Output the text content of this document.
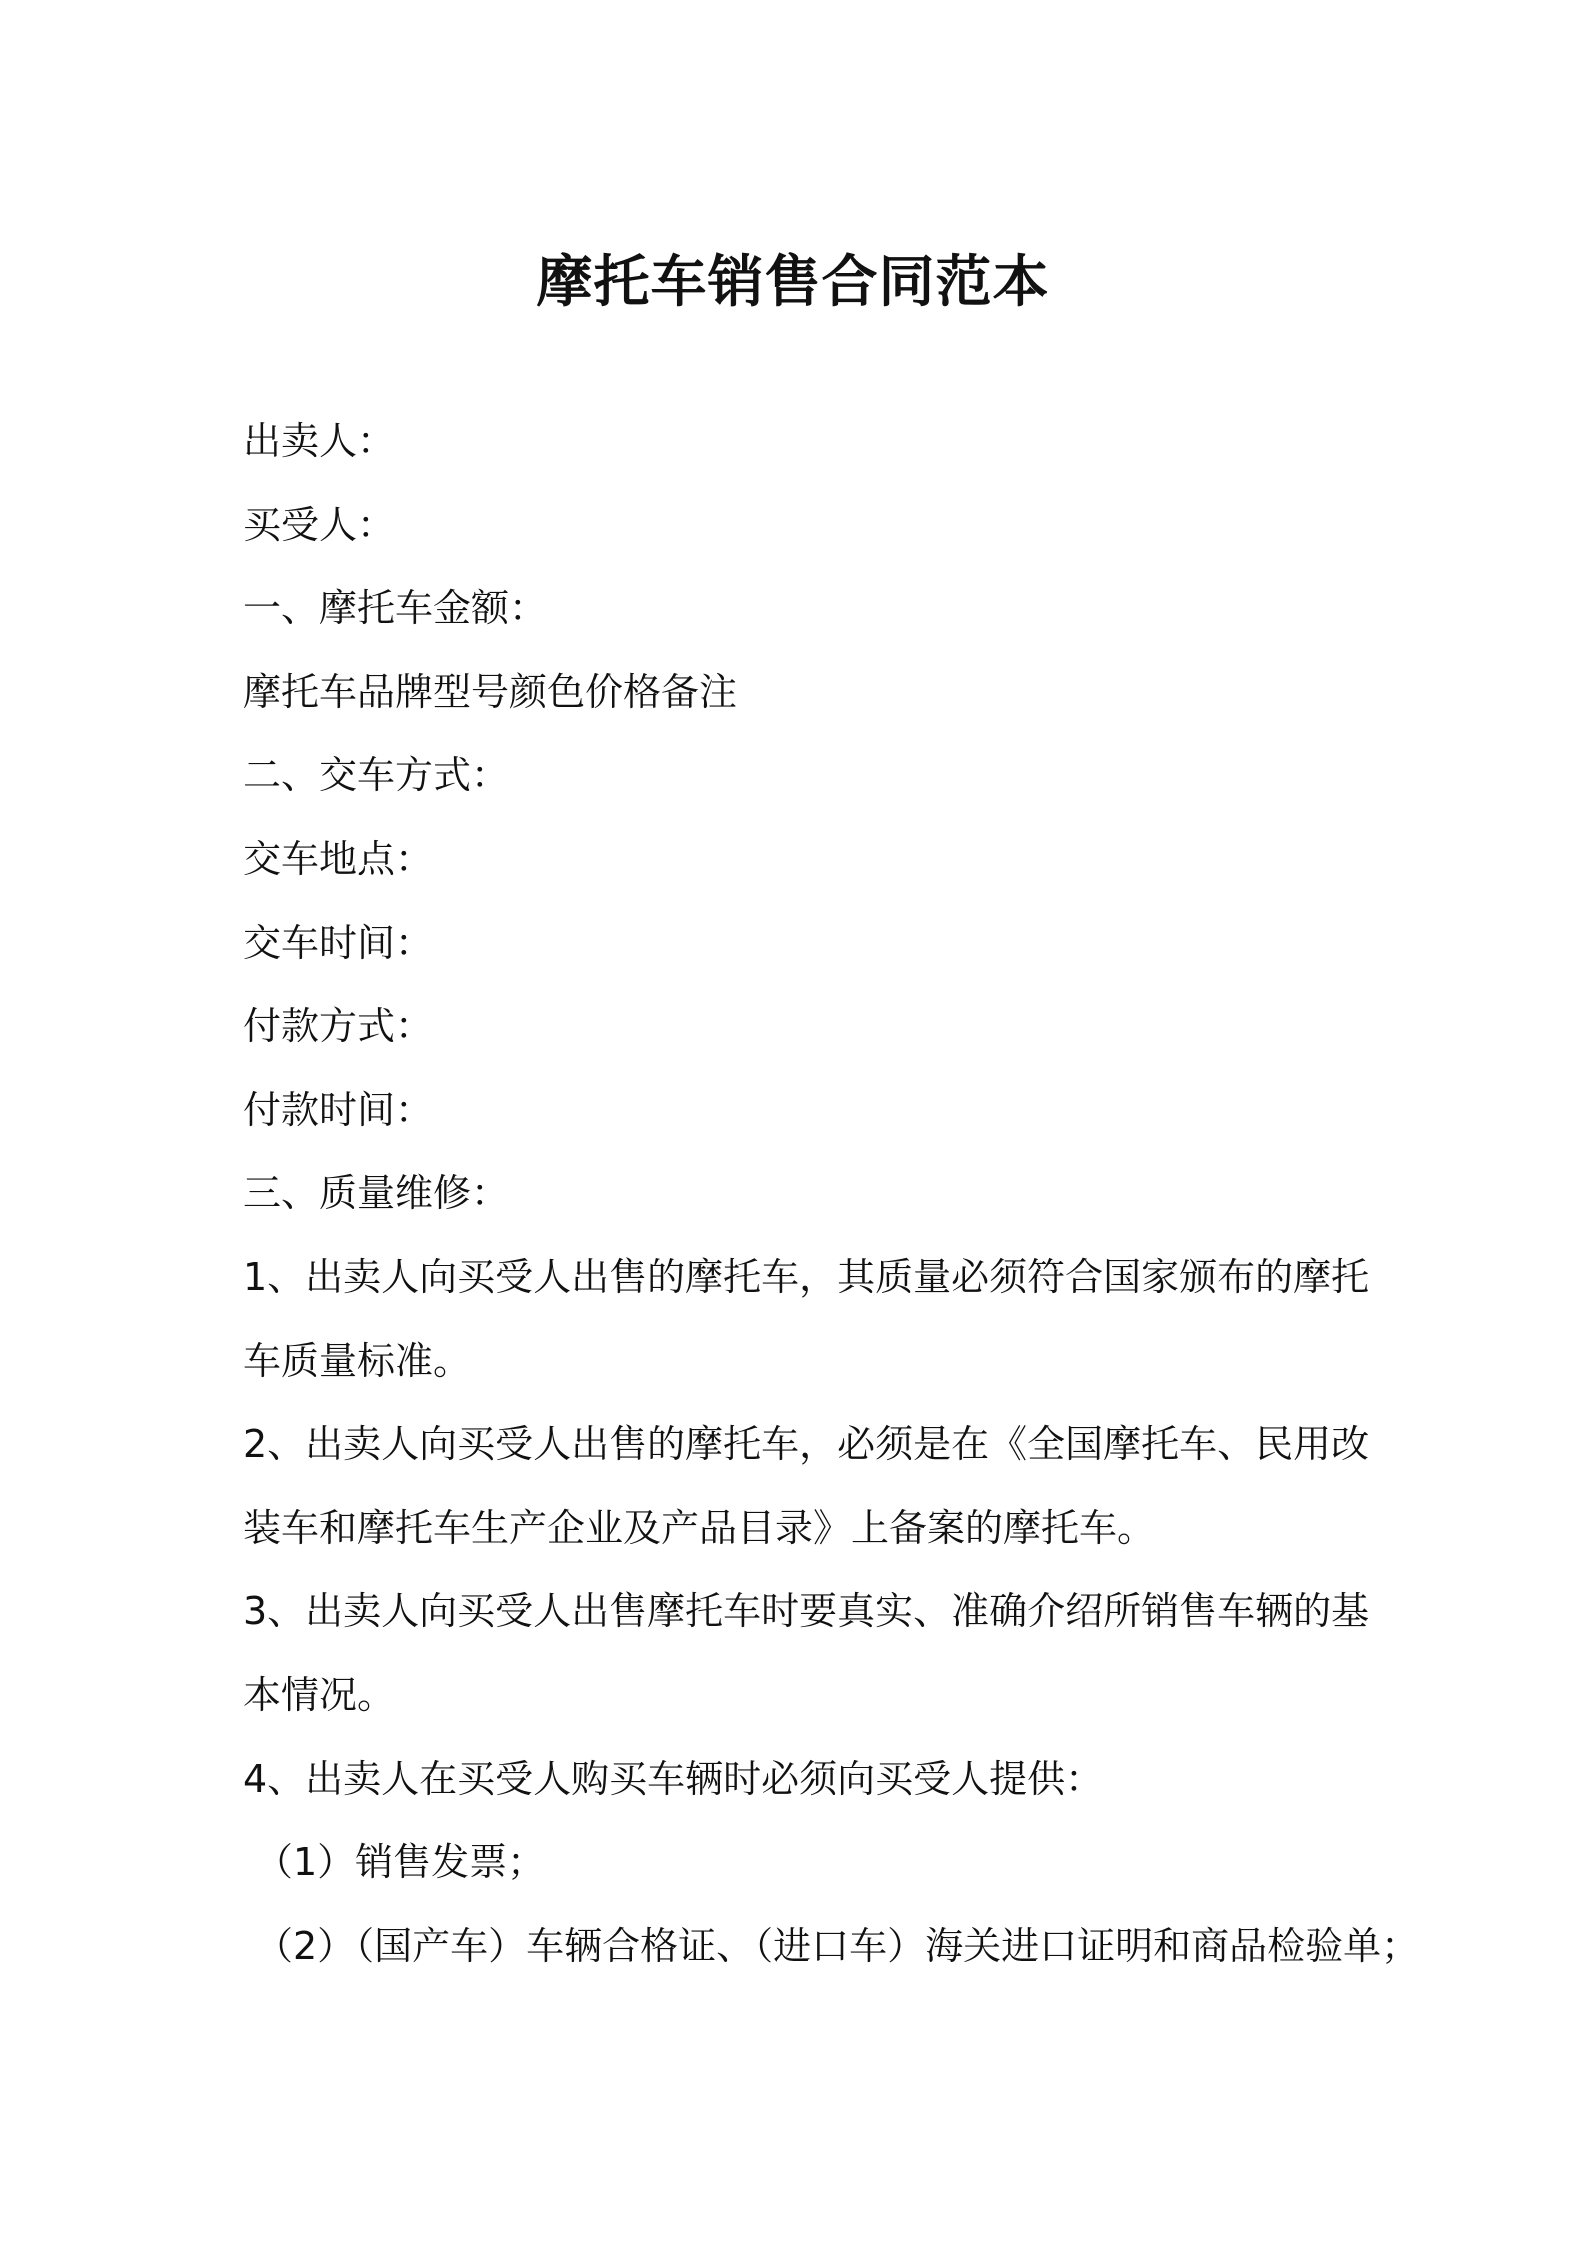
摩托车销售合同范本

出卖人：

买受人：

一、摩托车金额：

摩托车品牌型号颜色价格备注

二、交车方式：

交车地点：

交车时间：

付款方式：

付款时间：

三、质量维修：

1、出卖人向买受人出售的摩托车，其质量必须符合国家颁布的摩托

车质量标准。

2、出卖人向买受人出售的摩托车，必须是在《全国摩托车、民用改

装车和摩托车生产企业及产品目录》上备案的摩托车。

3、出卖人向买受人出售摩托车时要真实、准确介绍所销售车辆的基

本情况。

4、出卖人在买受人购买车辆时必须向买受人提供：

（1）销售发票；

（2）（国产车）车辆合格证、（进口车）海关进口证明和商品检验单；
